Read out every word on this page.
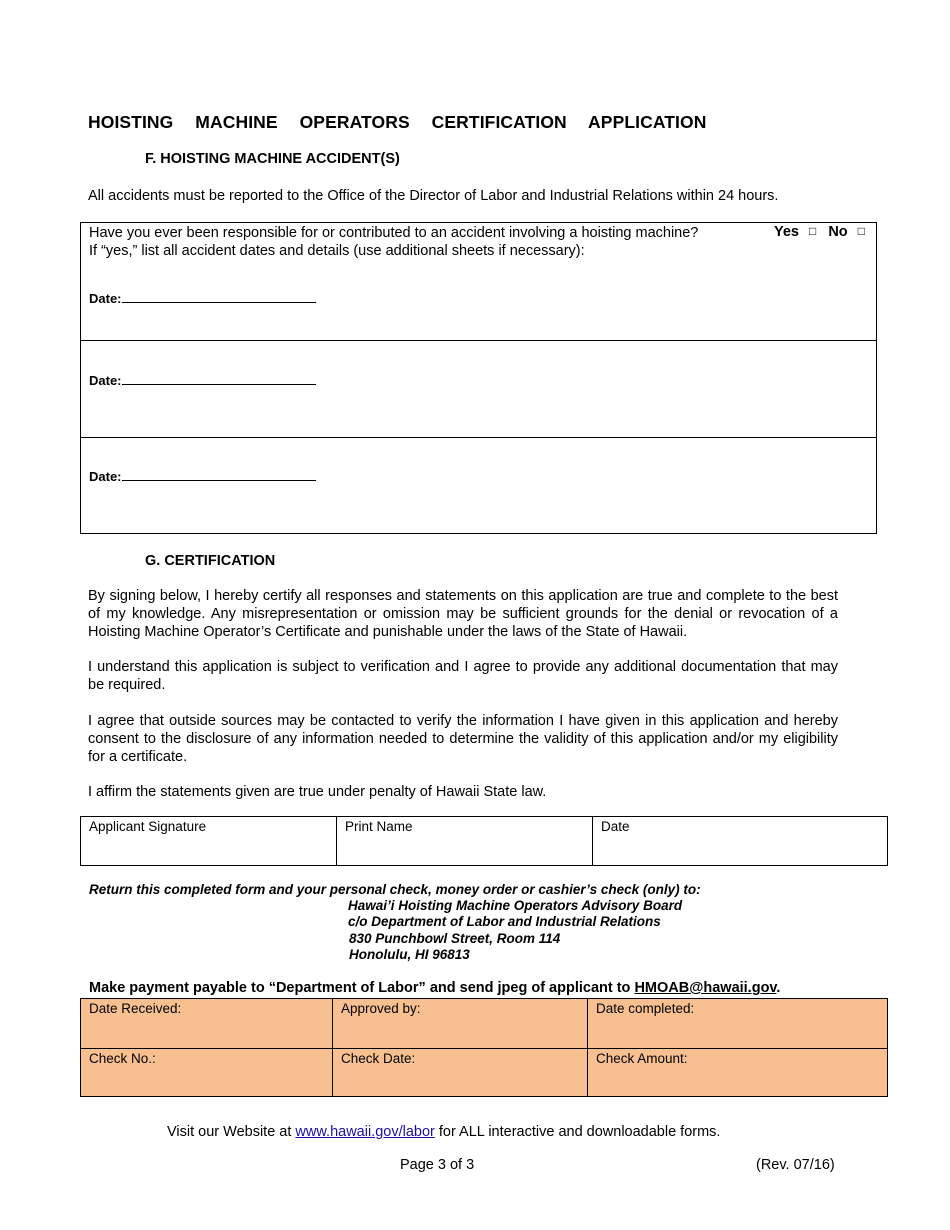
HOISTING  MACHINE  OPERATORS  CERTIFICATION  APPLICATION
F. HOISTING MACHINE ACCIDENT(S)
All accidents must be reported to the Office of the Director of Labor and Industrial Relations within 24 hours.
Have you ever been responsible for or contributed to an accident involving a hoisting machine?	Yes □ No □
If “yes,” list all accident dates and details (use additional sheets if necessary):
Date:
Date:
Date:
G. CERTIFICATION
By signing below, I hereby certify all responses and statements on this application are true and complete to the best of my knowledge. Any misrepresentation or omission may be sufficient grounds for the denial or revocation of a Hoisting Machine Operator’s Certificate and punishable under the laws of the State of Hawaii.
I understand this application is subject to verification and I agree to provide any additional documentation that may be required.
I agree that outside sources may be contacted to verify the information I have given in this application and hereby consent to the disclosure of any information needed to determine the validity of this application and/or my eligibility for a certificate.
I affirm the statements given are true under penalty of Hawaii State law.
Applicant Signature	Print Name	Date
Return this completed form and your personal check, money order or cashier’s check (only) to:
Hawai’i Hoisting Machine Operators Advisory Board
c/o Department of Labor and Industrial Relations
830 Punchbowl Street, Room 114
Honolulu, HI 96813
Make payment payable to “Department of Labor” and send jpeg of applicant to HMOAB@hawaii.gov.
Date Received:	Approved by:	Date completed:
Check No.:	Check Date:	Check Amount:
Visit our Website at www.hawaii.gov/labor for ALL interactive and downloadable forms.
Page 3 of 3	(Rev. 07/16)
